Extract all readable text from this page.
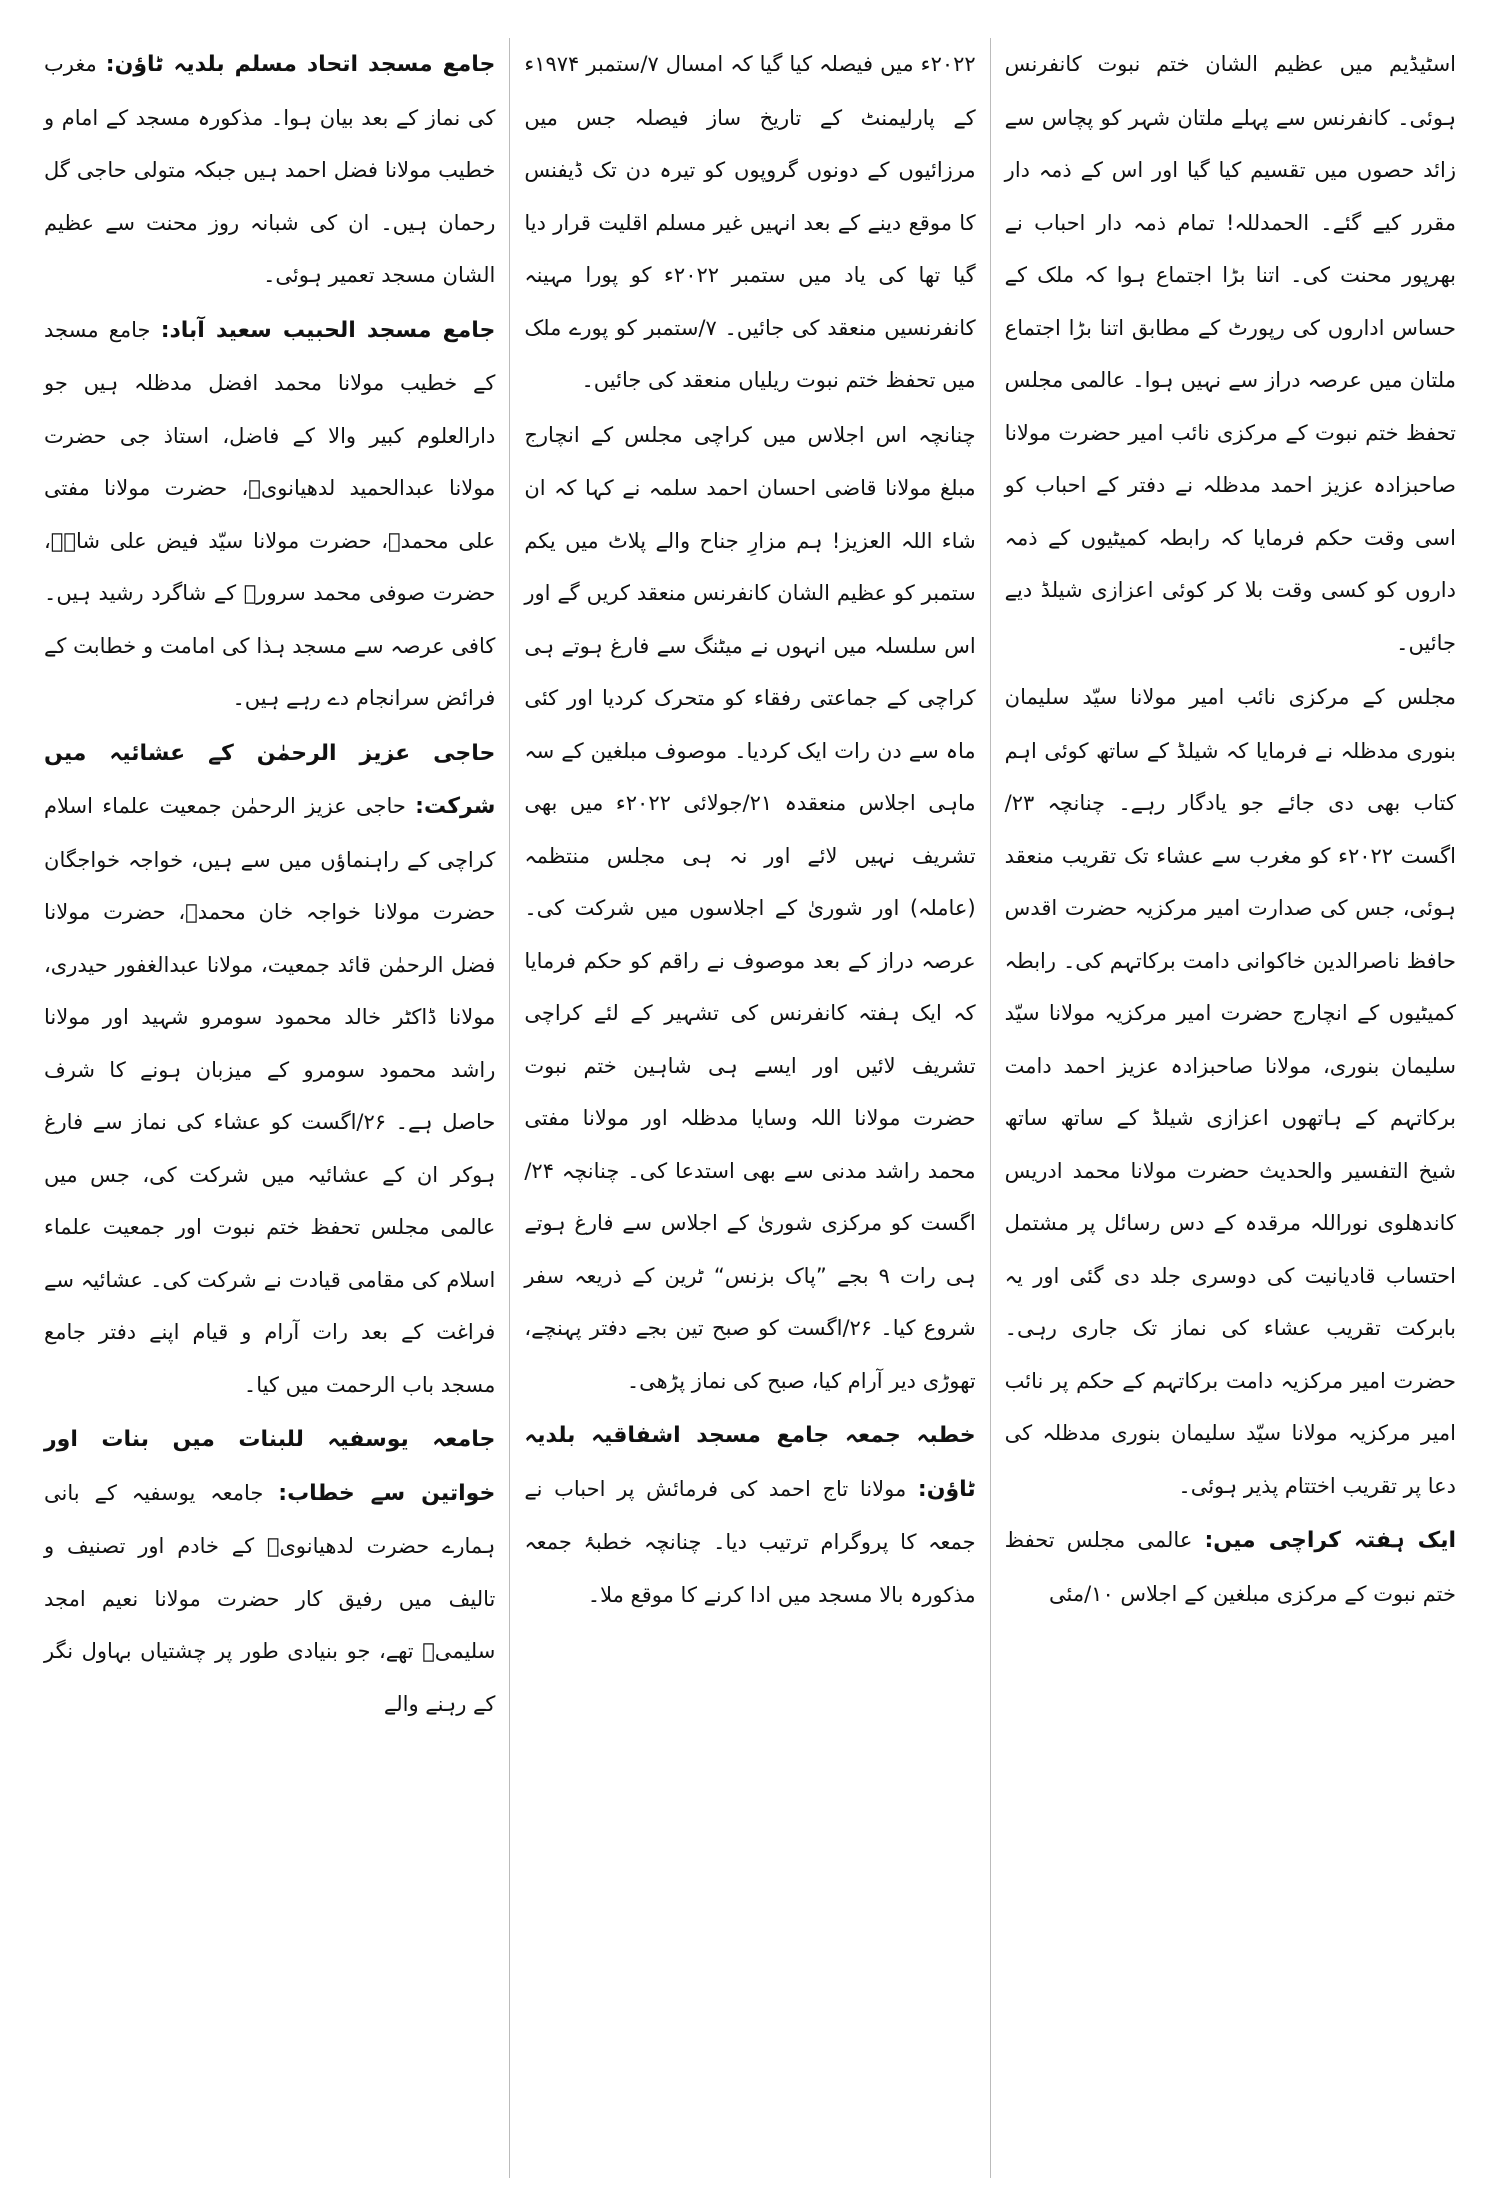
اسٹیڈیم میں عظیم الشان ختم نبوت کانفرنس ہوئی۔ کانفرنس سے پہلے ملتان شہر کو پچاس سے زائد حصوں میں تقسیم کیا گیا اور اس کے ذمہ دار مقرر کیے گئے۔ الحمدللہ! تمام ذمہ دار احباب نے بھرپور محنت کی۔ اتنا بڑا اجتماع ہوا کہ ملک کے حساس اداروں کی رپورٹ کے مطابق اتنا بڑا اجتماع ملتان میں عرصہ دراز سے نہیں ہوا۔ عالمی مجلس تحفظ ختم نبوت کے مرکزی نائب امیر حضرت مولانا صاحبزادہ عزیز احمد مدظلہ نے دفتر کے احباب کو اسی وقت حکم فرمایا کہ رابطہ کمیٹیوں کے ذمہ داروں کو کسی وقت بلا کر کوئی اعزازی شیلڈ دیے جائیں۔

مجلس کے مرکزی نائب امیر مولانا سیّد سلیمان بنوری مدظلہ نے فرمایا کہ شیلڈ کے ساتھ کوئی اہم کتاب بھی دی جائے جو یادگار رہے۔ چنانچہ ۲۳/اگست ۲۰۲۲ء کو مغرب سے عشاء تک تقریب منعقد ہوئی، جس کی صدارت امیر مرکزیہ حضرت اقدس حافظ ناصرالدین خاکوانی دامت برکاتہم کی۔ رابطہ کمیٹیوں کے انچارج حضرت امیر مرکزیہ مولانا سیّد سلیمان بنوری، مولانا صاحبزادہ عزیز احمد دامت برکاتہم کے ہاتھوں اعزازی شیلڈ کے ساتھ ساتھ شیخ التفسیر والحدیث حضرت مولانا محمد ادریس کاندھلوی نوراللہ مرقدہ کے دس رسائل پر مشتمل احتساب قادیانیت کی دوسری جلد دی گئی اور یہ بابرکت تقریب عشاء کی نماز تک جاری رہی۔ حضرت امیر مرکزیہ دامت برکاتہم کے حکم پر نائب امیر مرکزیہ مولانا سیّد سلیمان بنوری مدظلہ کی دعا پر تقریب اختتام پذیر ہوئی۔

ایک ہفتہ کراچی میں: عالمی مجلس تحفظ ختم نبوت کے مرکزی مبلغین کے اجلاس ۱۰/مئی

۲۰۲۲ء میں فیصلہ کیا گیا کہ امسال ۷/ستمبر ۱۹۷۴ء کے پارلیمنٹ کے تاریخ ساز فیصلہ جس میں مرزائیوں کے دونوں گروپوں کو تیرہ دن تک ڈیفنس کا موقع دینے کے بعد انہیں غیر مسلم اقلیت قرار دیا گیا تھا کی یاد میں ستمبر ۲۰۲۲ء کو پورا مہینہ کانفرنسیں منعقد کی جائیں۔ ۷/ستمبر کو پورے ملک میں تحفظ ختم نبوت ریلیاں منعقد کی جائیں۔

چنانچہ اس اجلاس میں کراچی مجلس کے انچارج مبلغ مولانا قاضی احسان احمد سلمہ نے کہا کہ ان شاء اللہ العزیز! ہم مزارِ جناح والے پلاٹ میں یکم ستمبر کو عظیم الشان کانفرنس منعقد کریں گے اور اس سلسلہ میں انہوں نے میٹنگ سے فارغ ہوتے ہی کراچی کے جماعتی رفقاء کو متحرک کردیا اور کئی ماہ سے دن رات ایک کردیا۔ موصوف مبلغین کے سہ ماہی اجلاس منعقدہ ۲۱/جولائی ۲۰۲۲ء میں بھی تشریف نہیں لائے اور نہ ہی مجلس منتظمہ (عاملہ) اور شوریٰ کے اجلاسوں میں شرکت کی۔ عرصہ دراز کے بعد موصوف نے راقم کو حکم فرمایا کہ ایک ہفتہ کانفرنس کی تشہیر کے لئے کراچی تشریف لائیں اور ایسے ہی شاہین ختم نبوت حضرت مولانا اللہ وسایا مدظلہ اور مولانا مفتی محمد راشد مدنی سے بھی استدعا کی۔ چنانچہ ۲۴/اگست کو مرکزی شوریٰ کے اجلاس سے فارغ ہوتے ہی رات ۹ بجے ”پاک بزنس“ ٹرین کے ذریعہ سفر شروع کیا۔ ۲۶/اگست کو صبح تین بجے دفتر پہنچے، تھوڑی دیر آرام کیا، صبح کی نماز پڑھی۔

خطبہ جمعہ جامع مسجد اشفاقیہ بلدیہ ٹاؤن: مولانا تاج احمد کی فرمائش پر احباب نے جمعہ کا پروگرام ترتیب دیا۔ چنانچہ خطبۂ جمعہ مذکورہ بالا مسجد میں ادا کرنے کا موقع ملا۔

جامع مسجد اتحاد مسلم بلدیہ ٹاؤن: مغرب کی نماز کے بعد بیان ہوا۔ مذکورہ مسجد کے امام و خطیب مولانا فضل احمد ہیں جبکہ متولی حاجی گل رحمان ہیں۔ ان کی شبانہ روز محنت سے عظیم الشان مسجد تعمیر ہوئی۔

جامع مسجد الحبیب سعید آباد: جامع مسجد کے خطیب مولانا محمد افضل مدظلہ ہیں جو دارالعلوم کبیر والا کے فاضل، استاذ جی حضرت مولانا عبدالحمید لدھیانویؒ، حضرت مولانا مفتی علی محمدؒ، حضرت مولانا سیّد فیض علی شاہؒ، حضرت صوفی محمد سرورؒ کے شاگرد رشید ہیں۔ کافی عرصہ سے مسجد ہذا کی امامت و خطابت کے فرائض سرانجام دے رہے ہیں۔

حاجی عزیز الرحمٰن کے عشائیہ میں شرکت: حاجی عزیز الرحمٰن جمعیت علماء اسلام کراچی کے راہنماؤں میں سے ہیں، خواجہ خواجگان حضرت مولانا خواجہ خان محمدؒ، حضرت مولانا فضل الرحمٰن قائد جمعیت، مولانا عبدالغفور حیدری، مولانا ڈاکٹر خالد محمود سومرو شہید اور مولانا راشد محمود سومرو کے میزبان ہونے کا شرف حاصل ہے۔ ۲۶/اگست کو عشاء کی نماز سے فارغ ہوکر ان کے عشائیہ میں شرکت کی، جس میں عالمی مجلس تحفظ ختم نبوت اور جمعیت علماء اسلام کی مقامی قیادت نے شرکت کی۔ عشائیہ سے فراغت کے بعد رات آرام و قیام اپنے دفتر جامع مسجد باب الرحمت میں کیا۔

جامعہ یوسفیہ للبنات میں بنات اور خواتین سے خطاب: جامعہ یوسفیہ کے بانی ہمارے حضرت لدھیانویؒ کے خادم اور تصنیف و تالیف میں رفیق کار حضرت مولانا نعیم امجد سلیمیؒ تھے، جو بنیادی طور پر چشتیاں بہاول نگر کے رہنے والے
